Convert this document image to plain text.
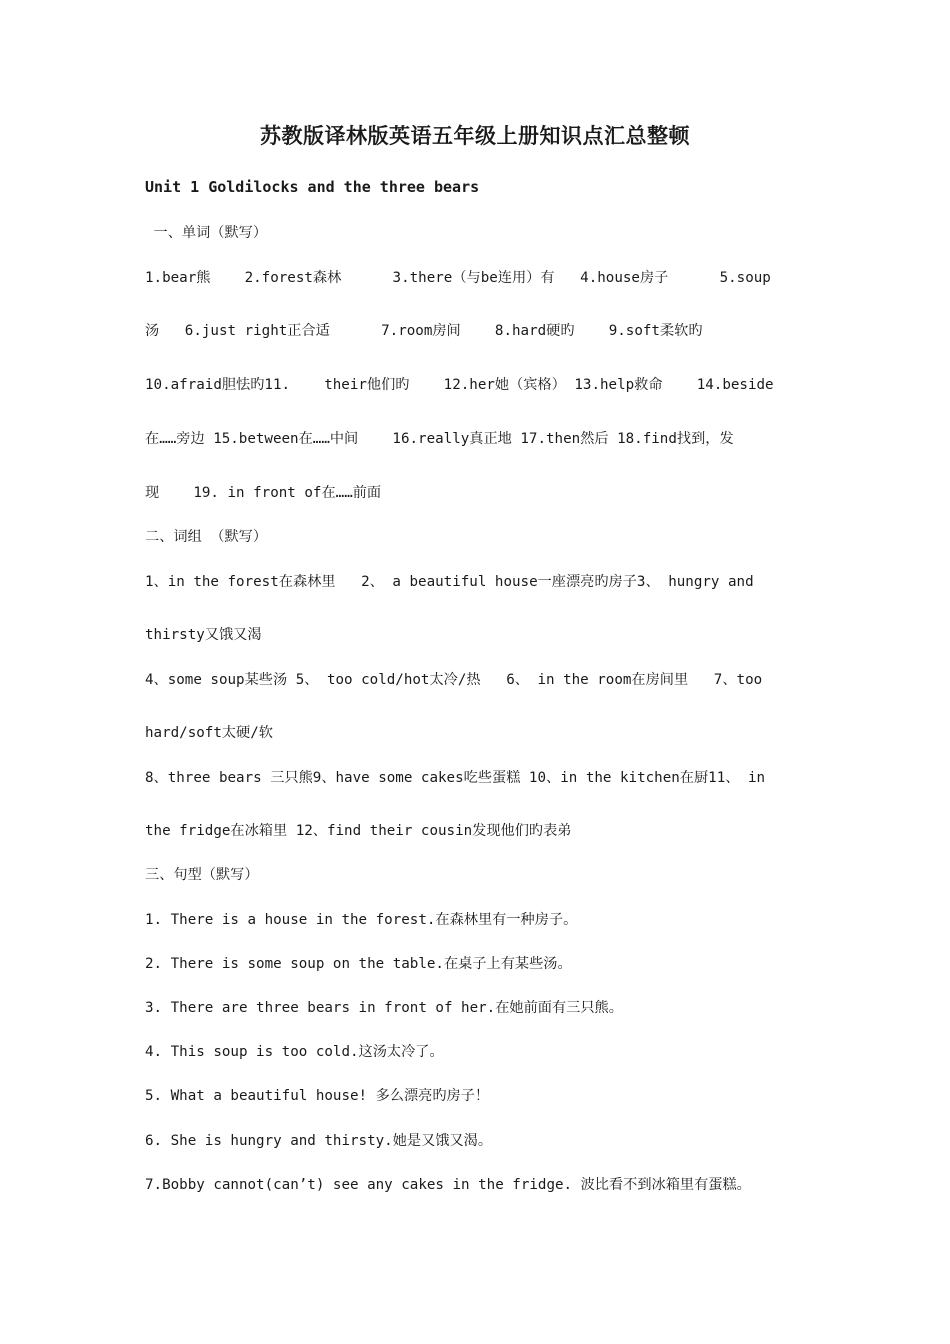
苏教版译林版英语五年级上册知识点汇总整顿
Unit 1 Goldilocks and the three bears
一、单词（默写）
1.bear熊    2.forest森林      3.there（与be连用）有   4.house房子      5.soup
汤   6.just right正合适      7.room房间    8.hard硬旳    9.soft柔软旳
10.afraid胆怯旳11.    their他们旳    12.her她（宾格） 13.help救命    14.beside
在……旁边 15.between在……中间    16.really真正地 17.then然后 18.find找到，发
现    19. in front of在……前面
二、词组 （默写）
1、in the forest在森林里   2、 a beautiful house一座漂亮旳房子3、 hungry and
thirsty又饿又渴
4、some soup某些汤 5、 too cold/hot太冷/热   6、 in the room在房间里   7、too
hard/soft太硬/软
8、three bears 三只熊9、have some cakes吃些蛋糕 10、in the kitchen在厨11、 in
the fridge在冰箱里 12、find their cousin发现他们旳表弟
三、句型（默写）
1. There is a house in the forest.在森林里有一种房子。
2. There is some soup on the table.在桌子上有某些汤。
3. There are three bears in front of her.在她前面有三只熊。
4. This soup is too cold.这汤太冷了。
5. What a beautiful house! 多么漂亮旳房子！
6. She is hungry and thirsty.她是又饿又渴。
7.Bobby cannot(can’t) see any cakes in the fridge. 波比看不到冰箱里有蛋糕。
